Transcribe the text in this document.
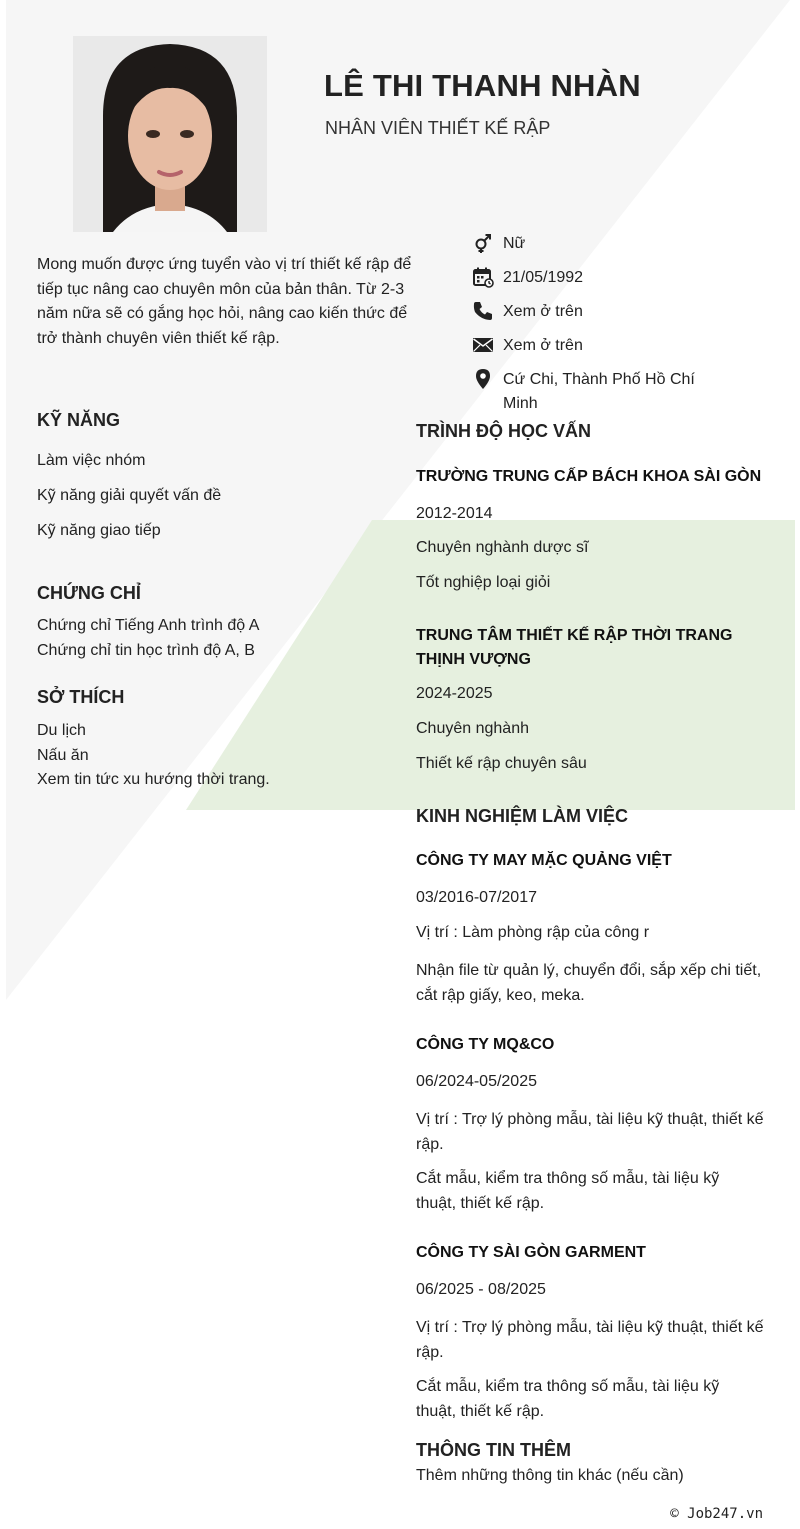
LÊ THI THANH NHÀN
NHÂN VIÊN THIẾT KẾ RẬP
Mong muốn được ứng tuyển vào vị trí thiết kế rập để tiếp tục nâng cao chuyên môn của bản thân. Từ 2-3 năm nữa sẽ có gắng học hỏi, nâng cao kiến thức để trở thành chuyên viên thiết kế rập.
Nữ
21/05/1992
Xem ở trên
Xem ở trên
Cứ Chi, Thành Phố Hồ Chí Minh
KỸ NĂNG
Làm việc nhóm
Kỹ năng giải quyết vấn đề
Kỹ năng giao tiếp
CHỨNG CHỈ
Chứng chỉ Tiếng Anh trình độ A
Chứng chỉ tin học trình độ A, B
SỞ THÍCH
Du lịch
Nấu ăn
Xem tin tức xu hướng thời trang.
TRÌNH ĐỘ HỌC VẤN
TRƯỜNG TRUNG CẤP BÁCH KHOA SÀI GÒN
2012-2014
Chuyên nghành dược sĩ
Tốt nghiệp loại giỏi
TRUNG TÂM THIẾT KẾ RẬP THỜI TRANG THỊNH VƯỢNG
2024-2025
Chuyên nghành
Thiết kế rập chuyên sâu
KINH NGHIỆM LÀM VIỆC
CÔNG TY MAY MẶC QUẢNG VIỆT
03/2016-07/2017
Vị trí : Làm phòng rập của công r
Nhận file từ quản lý, chuyển đổi, sắp xếp chi tiết, cắt rập giấy, keo, meka.
CÔNG TY MQ&CO
06/2024-05/2025
Vị trí : Trợ lý phòng mẫu, tài liệu kỹ thuật, thiết kế rập.
Cắt mẫu, kiểm tra thông số mẫu, tài liệu kỹ thuật, thiết kế rập.
CÔNG TY SÀI GÒN GARMENT
06/2025 - 08/2025
Vị trí : Trợ lý phòng mẫu, tài liệu kỹ thuật, thiết kế rập.
Cắt mẫu, kiểm tra thông số mẫu, tài liệu kỹ thuật, thiết kế rập.
THÔNG TIN THÊM
Thêm những thông tin khác (nếu cần)
© Job247.vn
